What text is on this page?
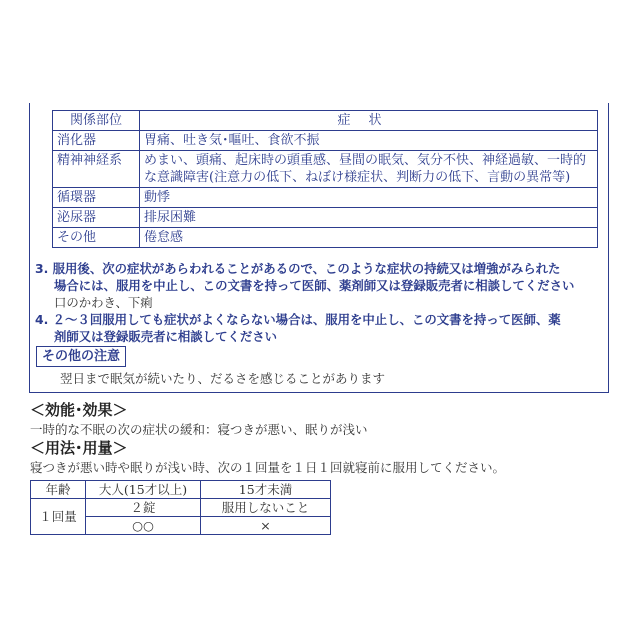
関係部位	症状
消化器	胃痛、吐き気･嘔吐、食欲不振
精神神経系	めまい、頭痛、起床時の頭重感、昼間の眠気、気分不快、神経過敏、一時的な意識障害(注意力の低下、ねぼけ様症状、判断力の低下、言動の異常等)
循環器	動悸
泌尿器	排尿困難
その他	倦怠感

3. 服用後、次の症状があらわれることがあるので、このような症状の持続又は増強がみられた
場合には、服用を中止し、この文書を持って医師、薬剤師又は登録販売者に相談してください
口のかわき、下痢

4. ２～３回服用しても症状がよくならない場合は、服用を中止し、この文書を持って医師、薬
剤師又は登録販売者に相談してください

その他の注意
翌日まで眠気が続いたり、だるさを感じることがあります
＜効能･効果＞
一時的な不眠の次の症状の緩和：寝つきが悪い、眠りが浅い
＜用法･用量＞
寝つきが悪い時や眠りが浅い時、次の１回量を１日１回就寝前に服用してください。
年齢	大人(15才以上)	15才未満
１回量	２錠	服用しないこと
	○○	×
